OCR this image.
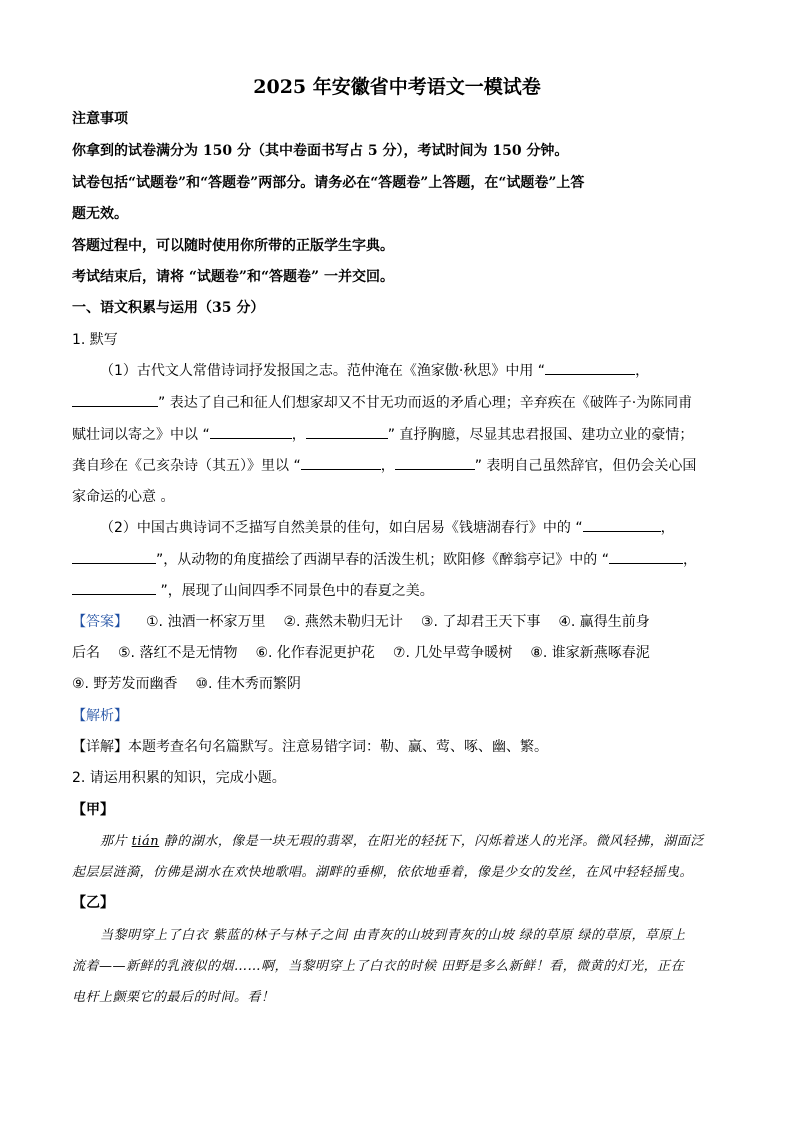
2025 年安徽省中考语文一模试卷
注意事项
你拿到的试卷满分为 150 分（其中卷面书写占 5 分），考试时间为 150 分钟。
试卷包括“试题卷”和“答题卷”两部分。请务必在“答题卷”上答题，在“试题卷”上答
题无效。
答题过程中，可以随时使用你所带的正版学生字典。
考试结束后，请将 “试题卷”和“答题卷” 一并交回。
一、语文积累与运用（35 分）
1. 默写
（1）古代文人常借诗词抒发报国之志。范仲淹在《渔家傲·秋思》中用 “	，
” 表达了自己和征人们想家却又不甘无功而返的矛盾心理；辛弃疾在《破阵子·为陈同甫
赋壮词以寄之》中以 “	，	” 直抒胸臆，尽显其忠君报国、建功立业的豪情；
龚自珍在《己亥杂诗（其五）》里以 “	，	” 表明自己虽然辞官，但仍会关心国
家命运的心意 。
（2）中国古典诗词不乏描写自然美景的佳句，如白居易《钱塘湖春行》中的 “	，
”，从动物的角度描绘了西湖早春的活泼生机；欧阳修《醉翁亭记》中的 “	，
”，展现了山间四季不同景色中的春夏之美。
【答案】 ①. 浊酒一杯家万里 ②. 燕然未勒归无计 ③. 了却君王天下事 ④. 赢得生前身
后名 ⑤. 落红不是无情物 ⑥. 化作春泥更护花 ⑦. 几处早莺争暖树 ⑧. 谁家新燕啄春泥
⑨. 野芳发而幽香 ⑩. 佳木秀而繁阴
【解析】
【详解】本题考查名句名篇默写。注意易错字词：勒、赢、莺、啄、幽、繁。
2. 请运用积累的知识，完成小题。
【甲】
那片 tián 静的湖水，像是一块无瑕的翡翠，在阳光的轻抚下，闪烁着迷人的光泽。微风轻拂，湖面泛
起层层涟漪，仿佛是湖水在欢快地歌唱。湖畔的垂柳，依依地垂着，像是少女的发丝，在风中轻轻摇曳。
【乙】
当黎明穿上了白衣 紫蓝的林子与林子之间 由青灰的山坡到青灰的山坡 绿的草原 绿的草原，草原上
流着——新鲜的乳液似的烟……啊，当黎明穿上了白衣的时候 田野是多么新鲜！看，微黄的灯光，正在
电杆上颤栗它的最后的时间。看！
